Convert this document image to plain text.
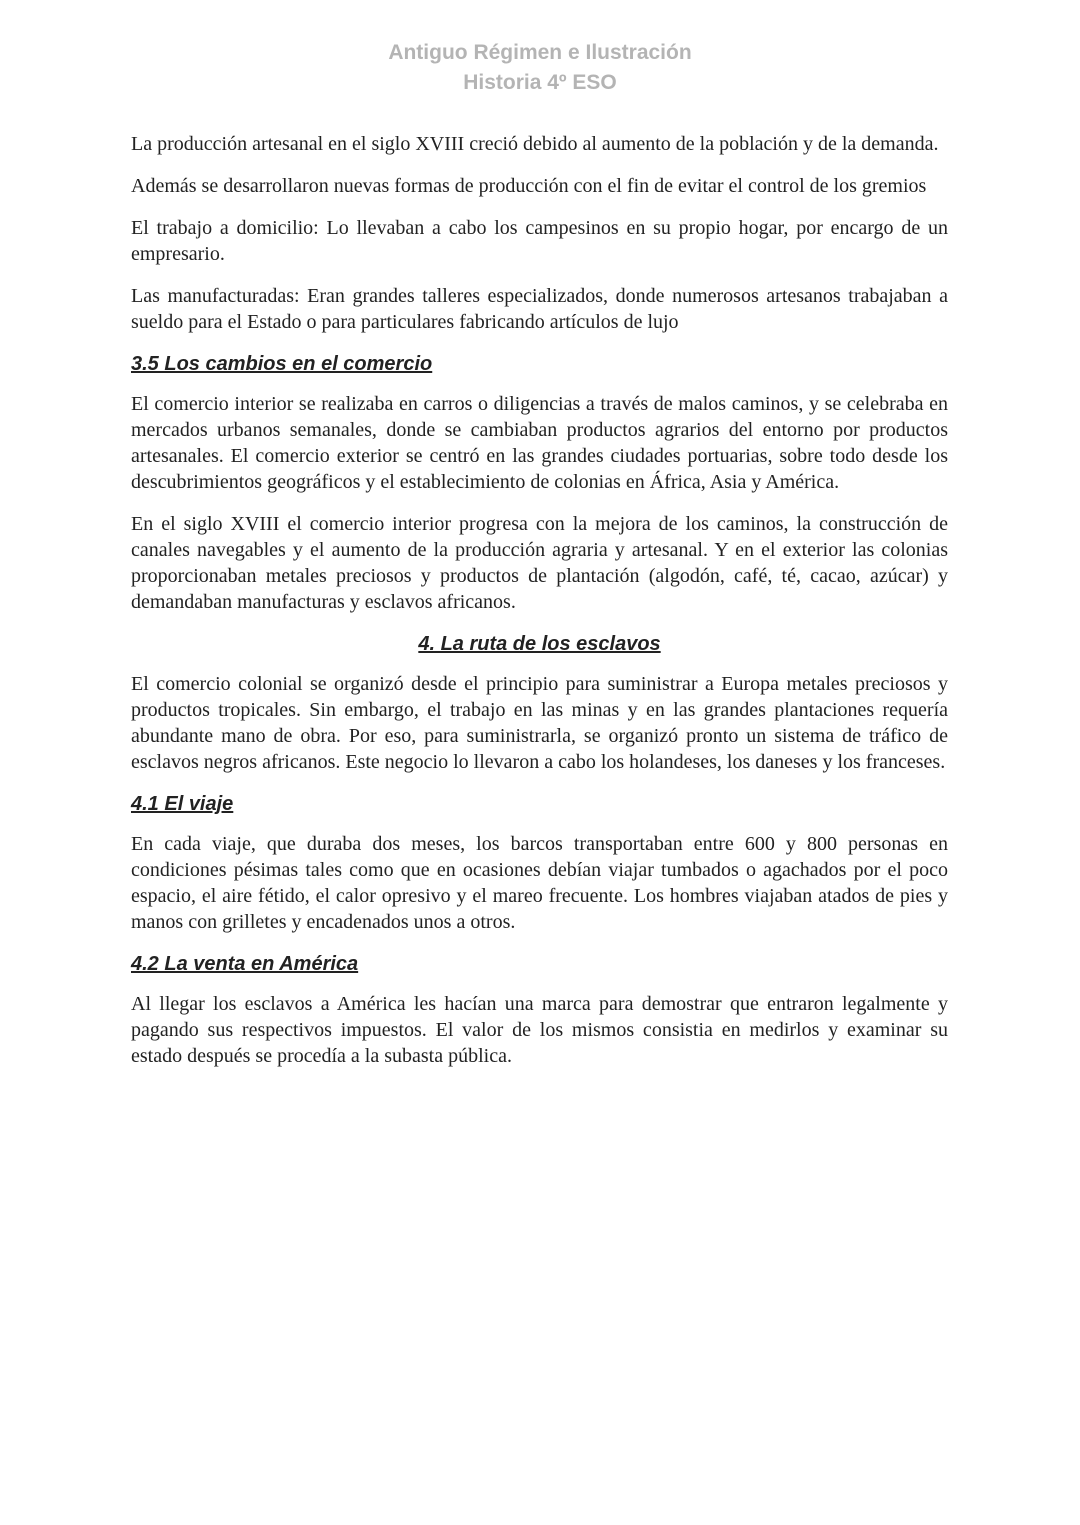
Antiguo Régimen e Ilustración
Historia 4º ESO

La producción artesanal en el siglo XVIII creció debido al aumento de la población y de la demanda.

Además se desarrollaron nuevas formas de producción con el fin de evitar el control de los gremios

El trabajo a domicilio: Lo llevaban a cabo los campesinos en su propio hogar, por encargo de un empresario.

Las manufacturadas: Eran grandes talleres especializados, donde numerosos artesanos trabajaban a sueldo para el Estado o para particulares fabricando artículos de lujo

3.5 Los cambios en el comercio

El comercio interior se realizaba en carros o diligencias a través de malos caminos, y se celebraba en mercados urbanos semanales, donde se cambiaban productos agrarios del entorno por productos artesanales. El comercio exterior se centró en las grandes ciudades portuarias, sobre todo desde los descubrimientos geográficos y el establecimiento de colonias en África, Asia y América.

En el siglo XVIII el comercio interior progresa con la mejora de los caminos, la construcción de canales navegables y el aumento de la producción agraria y artesanal. Y en el exterior las colonias proporcionaban metales preciosos y productos de plantación (algodón, café, té, cacao, azúcar) y demandaban manufacturas y esclavos africanos.

4. La ruta de los esclavos

El comercio colonial se organizó desde el principio para suministrar a Europa metales preciosos y productos tropicales. Sin embargo, el trabajo en las minas y en las grandes plantaciones requería abundante mano de obra. Por eso, para suministrarla, se organizó pronto un sistema de tráfico de esclavos negros africanos. Este negocio lo llevaron a cabo los holandeses, los daneses y los franceses.

4.1 El viaje

En cada viaje, que duraba dos meses, los barcos transportaban entre 600 y 800 personas en condiciones pésimas tales como que en ocasiones debían viajar tumbados o agachados por el poco espacio, el aire fétido, el calor opresivo y el mareo frecuente. Los hombres viajaban atados de pies y manos con grilletes y encadenados unos a otros.

4.2 La venta en América

Al llegar los esclavos a América les hacían una marca para demostrar que entraron legalmente y pagando sus respectivos impuestos. El valor de los mismos consistia en medirlos y examinar su estado después se procedía a la subasta pública.
